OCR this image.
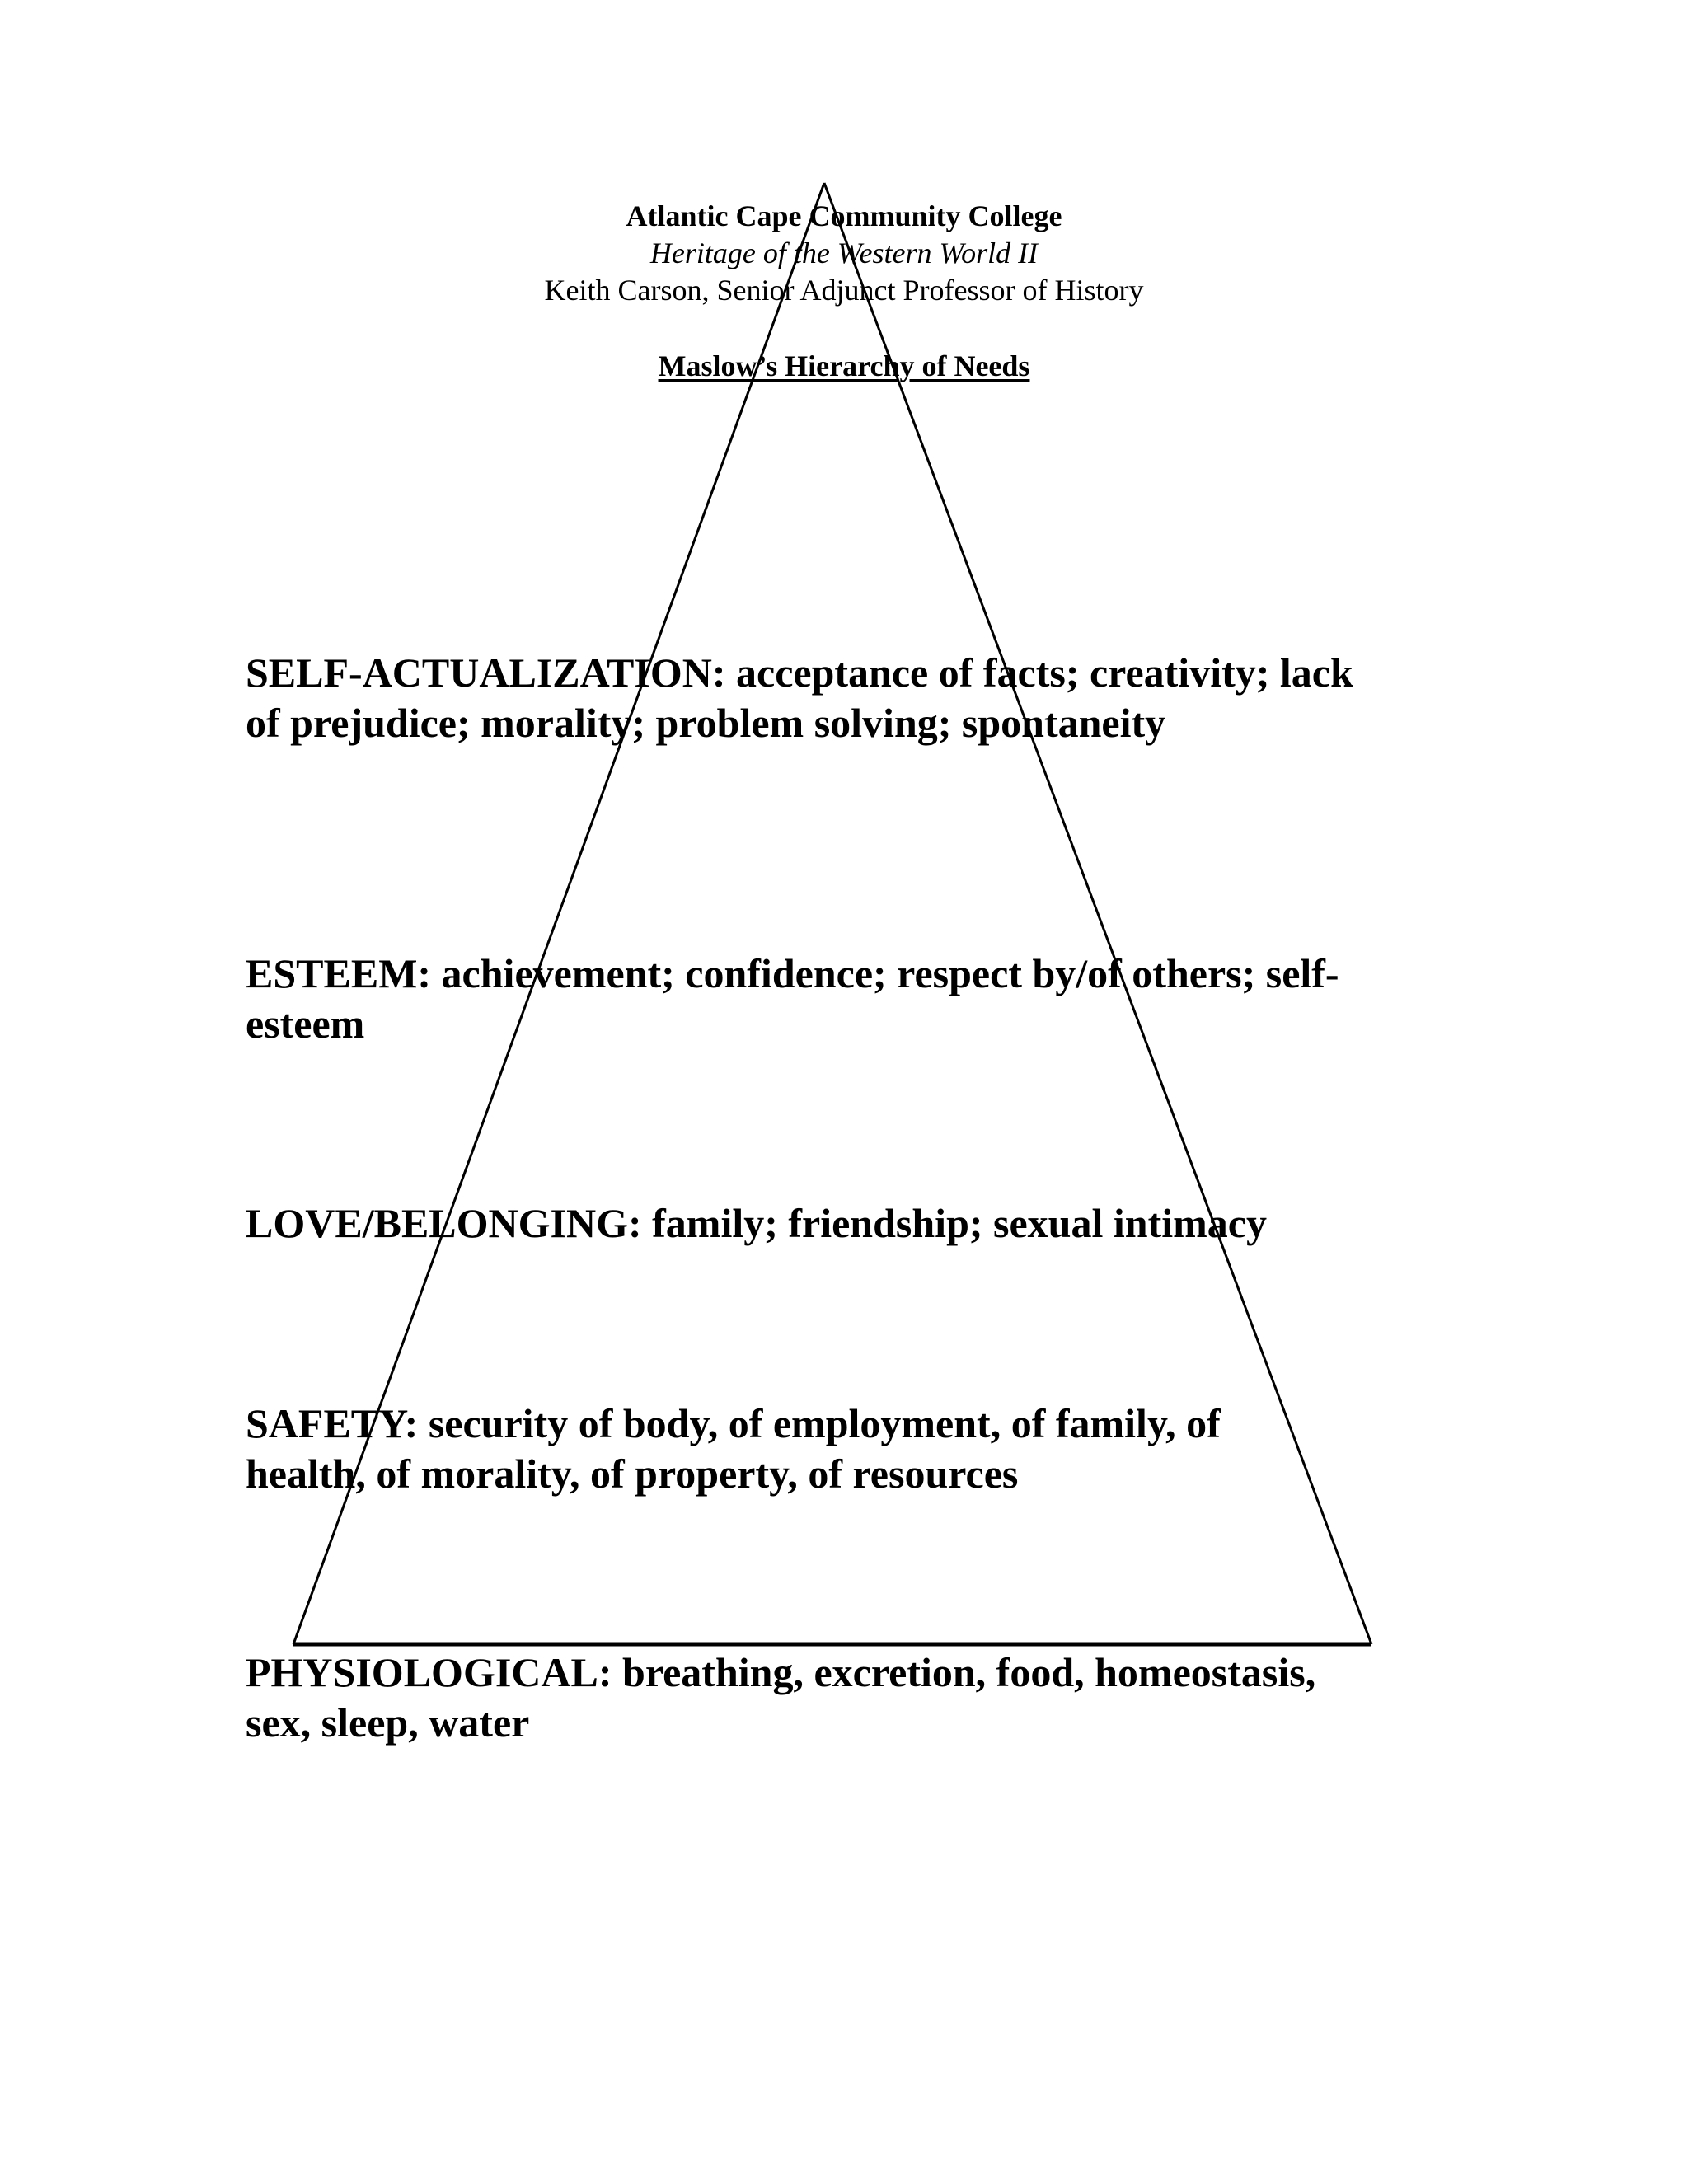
Atlantic Cape Community College
Heritage of the Western World II
Keith Carson, Senior Adjunct Professor of History
Maslow’s Hierarchy of Needs
SELF-ACTUALIZATION: acceptance of facts; creativity; lack
of prejudice; morality; problem solving; spontaneity
ESTEEM: achievement; confidence; respect by/of others; self-
esteem
LOVE/BELONGING: family; friendship; sexual intimacy
SAFETY: security of body, of employment, of family, of
health, of morality, of property, of resources
PHYSIOLOGICAL: breathing, excretion, food, homeostasis,
sex, sleep, water
